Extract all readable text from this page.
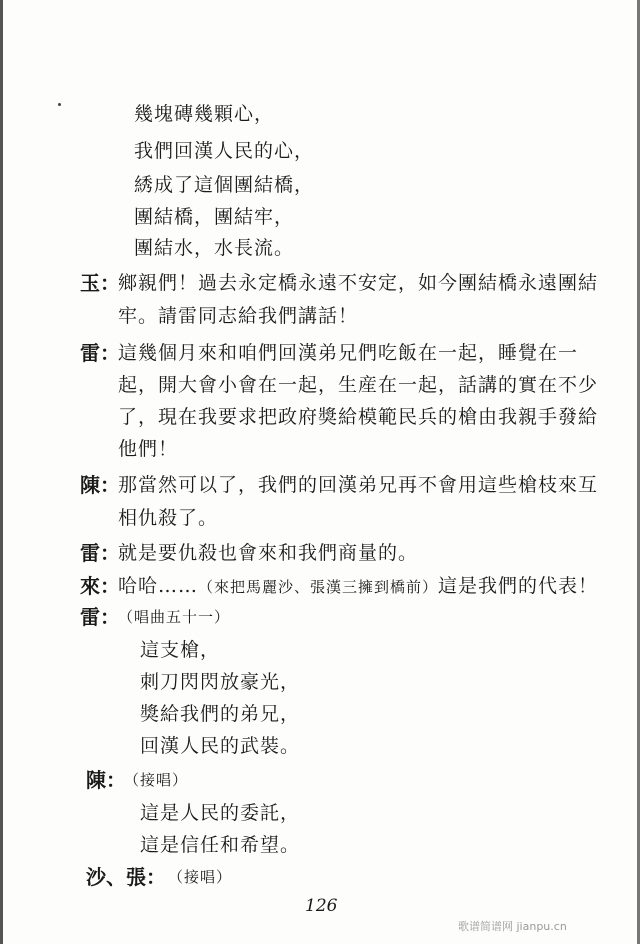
幾塊磚幾顆心，
我們回漢人民的心，
綉成了這個團結橋，
團結橋，團結牢，
團結水，水長流。
玉：
鄉親們！過去永定橋永遠不安定，如今團結橋永遠團結
牢。請雷同志給我們講話！
雷：
這幾個月來和咱們回漢弟兄們吃飯在一起，睡覺在一
起，開大會小會在一起，生産在一起，話講的實在不少
了，現在我要求把政府獎給模範民兵的槍由我親手發給
他們！
陳：
那當然可以了，我們的回漢弟兄再不會用這些槍枝來互
相仇殺了。
雷：
就是要仇殺也會來和我們商量的。
來：
哈哈……（來把馬麗沙、張漢三擁到橋前）這是我們的代表！
雷：
（唱曲五十一）
這支槍，
刺刀閃閃放豪光，
獎給我們的弟兄，
回漢人民的武裝。
陳：
（接唱）
這是人民的委託，
這是信任和希望。
沙、張： （接唱）
126
歌谱简谱网 jianpu.cn
